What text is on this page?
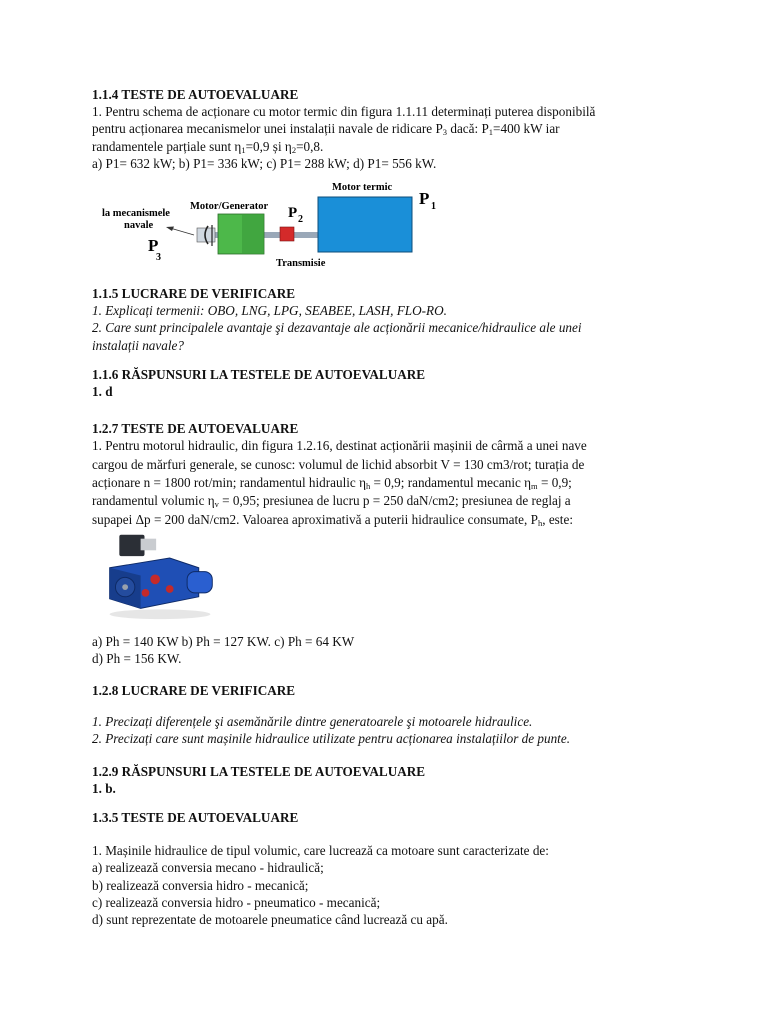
1.1.4 TESTE DE AUTOEVALUARE

1. Pentru schema de acționare cu motor termic din figura 1.1.11 determinați puterea disponibilă
pentru acționarea mecanismelor unei instalații navale de ridicare $P_3$ dacă: $P_1=400$ kW iar
randamentele parțiale sunt $\eta_1=0,9$ și $\eta_2=0,8$.
a) P1= 632 kW; b) P1= 336 kW; c) P1= 288 kW; d) P1= 556 kW.

Motor termic
Motor/Generator
Transmisie
la mecanismele
navale
P 1
P 2
P
3

1.1.5 LUCRARE DE VERIFICARE

1. Explicați termenii: OBO, LNG, LPG, SEABEE, LASH, FLO-RO.

2. Care sunt principalele avantaje şi dezavantaje ale acționării mecanice/hidraulice ale unei
instalații navale?

1.1.6 RĂSPUNSURI LA TESTELE DE AUTOEVALUARE

1. d

1.2.7 TESTE DE AUTOEVALUARE

1. Pentru motorul hidraulic, din figura 1.2.16, destinat acționării mașinii de cârmă a unei nave
cargou de mărfuri generale, se cunosc: volumul de lichid absorbit V = 130 cm3/rot; turația de
acționare n = 1800 rot/min; randamentul hidraulic $\eta_h = 0,9$; randamentul mecanic $\eta_m = 0,9$;
randamentul volumic $\eta_v = 0,95$; presiunea de lucru p = 250 daN/cm2; presiunea de reglaj a
supapei Δp = 200 daN/cm2. Valoarea aproximativă a puterii hidraulice consumate, $P_h$, este:

a) Ph = 140 KW b) Ph = 127 KW. c) Ph = 64 KW

d) Ph = 156 KW.

1.2.8 LUCRARE DE VERIFICARE

1. Precizați diferențele şi asemănările dintre generatoarele şi motoarele hidraulice.

2. Precizați care sunt mașinile hidraulice utilizate pentru acționarea instalațiilor de punte.

1.2.9 RĂSPUNSURI LA TESTELE DE AUTOEVALUARE

1. b.

1.3.5 TESTE DE AUTOEVALUARE

1. Mașinile hidraulice de tipul volumic, care lucrează ca motoare sunt caracterizate de:

a) realizează conversia mecano - hidraulică;

b) realizează conversia hidro - mecanică;

c) realizează conversia hidro - pneumatico - mecanică;

d) sunt reprezentate de motoarele pneumatice când lucrează cu apă.
